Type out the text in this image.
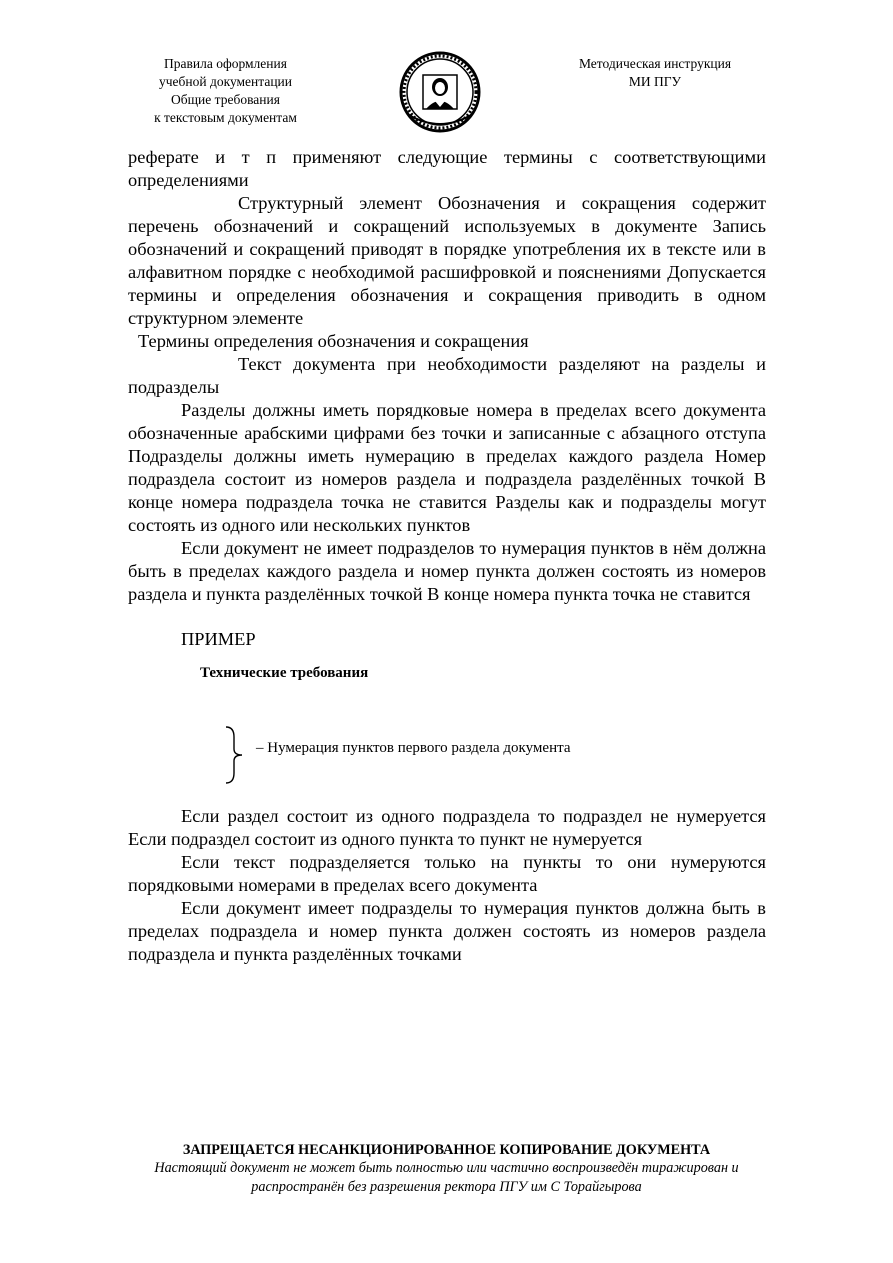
Правила оформления
учебной документации
Общие требования
к текстовым документам
Методическая инструкция
МИ ПГУ

реферате и т п применяют следующие термины с соответствующими определениями

Структурный элемент Обозначения и сокращения содержит перечень обозначений и сокращений используемых в документе Запись обозначений и сокращений приводят в порядке употребления их в тексте или в алфавитном порядке с необходимой расшифровкой и пояснениями Допускается термины и определения обозначения и сокращения приводить в одном структурном элементе

Термины определения обозначения и сокращения

Текст документа при необходимости разделяют на разделы и подразделы

Разделы должны иметь порядковые номера в пределах всего документа обозначенные арабскими цифрами без точки и записанные с абзацного отступа Подразделы должны иметь нумерацию в пределах каждого раздела Номер подраздела состоит из номеров раздела и подраздела разделённых точкой В конце номера подраздела точка не ставится Разделы как и подразделы могут состоять из одного или нескольких пунктов

Если документ не имеет подразделов то нумерация пунктов в нём должна быть в пределах каждого раздела и номер пункта должен состоять из номеров раздела и пункта разделённых точкой В конце номера пункта точка не ставится

ПРИМЕР

Технические требования

– Нумерация пунктов первого раздела документа

Если раздел состоит из одного подраздела то подраздел не нумеруется Если подраздел состоит из одного пункта то пункт не нумеруется

Если текст подразделяется только на пункты то они нумеруются порядковыми номерами в пределах всего документа

Если документ имеет подразделы то нумерация пунктов должна быть в пределах подраздела и номер пункта должен состоять из номеров раздела подраздела и пункта разделённых точками

ЗАПРЕЩАЕТСЯ НЕСАНКЦИОНИРОВАННОЕ КОПИРОВАНИЕ ДОКУМЕНТА
Настоящий документ не может быть полностью или частично воспроизведён тиражирован и
распространён без разрешения ректора ПГУ им С Торайгырова
